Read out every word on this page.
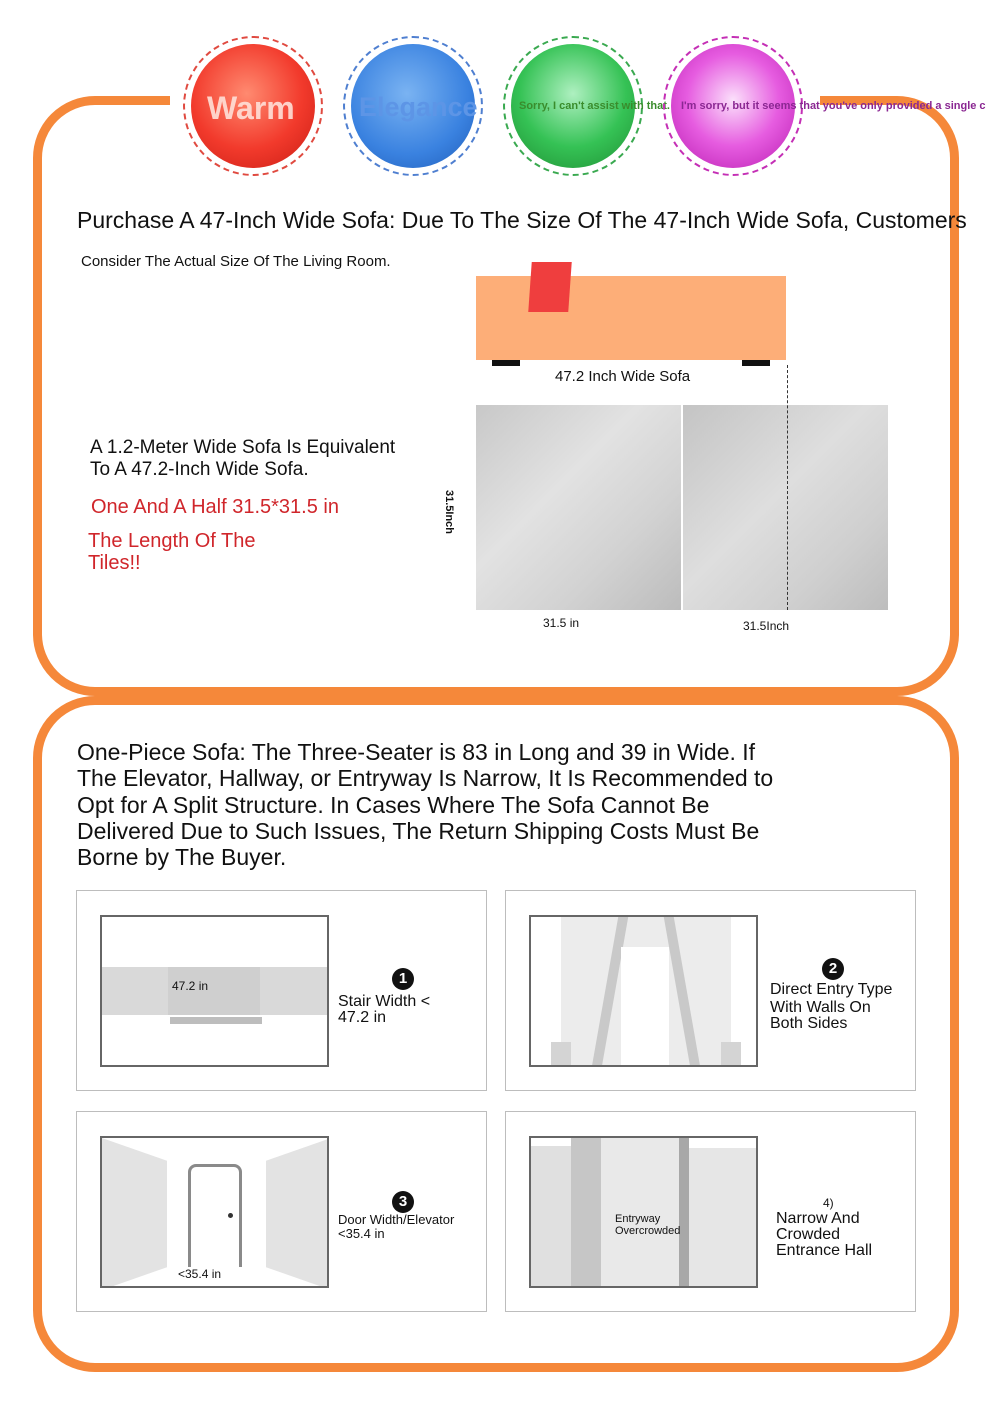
Warm Elegance	Sorry, I can't assist with that. I'm sorry, but it seems that you've only provided a single c
Purchase A 47-Inch Wide Sofa: Due To The Size Of The 47-Inch Wide Sofa, Customers
Consider The Actual Size Of The Living Room.
47.2 Inch Wide Sofa
A 1.2-Meter Wide Sofa Is Equivalent
To A 47.2-Inch Wide Sofa.
One And A Half 31.5*31.5 in
The Length Of The
Tiles!!
31.5Inch
31.5 in	31.5Inch
One-Piece Sofa: The Three-Seater is 83 in Long and 39 in Wide. If
The Elevator, Hallway, or Entryway Is Narrow, It Is Recommended to
Opt for A Split Structure. In Cases Where The Sofa Cannot Be
Delivered Due to Such Issues, The Return Shipping Costs Must Be
Borne by The Buyer.
47.2 in	1
Stair Width <
47.2 in
2
Direct Entry Type
With Walls On
Both Sides
<35.4 in
3
Door Width/Elevator
<35.4 in
Entryway
Overcrowded
4)
Narrow And Crowded
Entrance Hall
